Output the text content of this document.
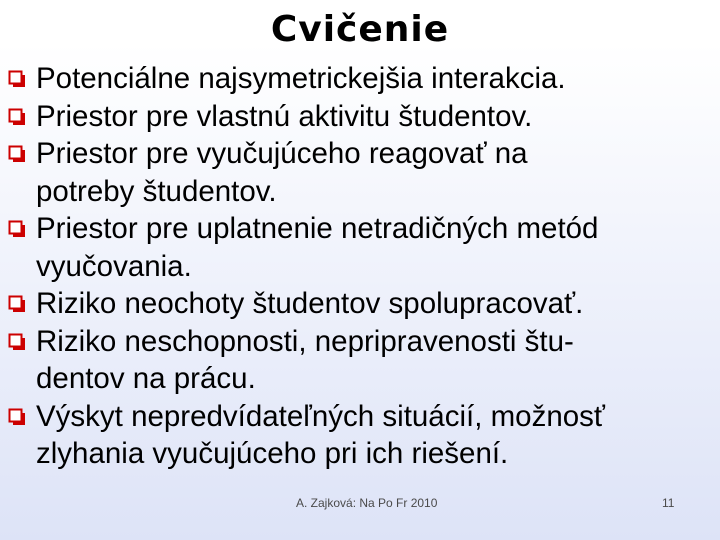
Cvičenie
Potenciálne najsymetrickejšia interakcia.
Priestor pre vlastnú aktivitu študentov.
Priestor pre vyučujúceho reagovať na
potreby študentov.
Priestor pre uplatnenie netradičných metód
vyučovania.
Riziko neochoty študentov spolupracovať.
Riziko neschopnosti, nepripravenosti štu-
dentov na prácu.
Výskyt nepredvídateľných situácií, možnosť
zlyhania vyučujúceho pri ich riešení.
A. Zajková: Na Po Fr 2010	11
